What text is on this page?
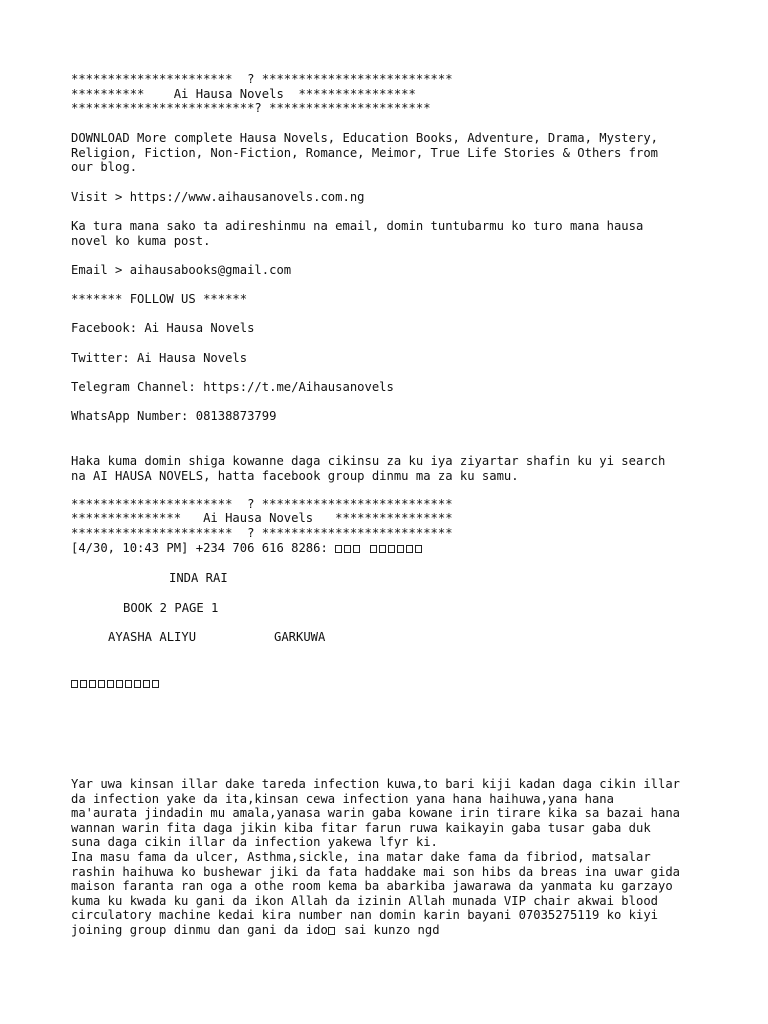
**********************  ? **************************

**********    Ai Hausa Novels  ****************

*************************? **********************

DOWNLOAD More complete Hausa Novels, Education Books, Adventure, Drama, Mystery,

Religion, Fiction, Non-Fiction, Romance, Meimor, True Life Stories & Others from

our blog.

Visit > https://www.aihausanovels.com.ng

Ka tura mana sako ta adireshinmu na email, domin tuntubarmu ko turo mana hausa

novel ko kuma post.

Email > aihausabooks@gmail.com

******* FOLLOW US ******

Facebook: Ai Hausa Novels

Twitter: Ai Hausa Novels

Telegram Channel: https://t.me/Aihausanovels

WhatsApp Number: 08138873799

Haka kuma domin shiga kowanne daga cikinsu za ku iya ziyartar shafin ku yi search

na AI HAUSA NOVELS, hatta facebook group dinmu ma za ku samu.

**********************  ? **************************

***************   Ai Hausa Novels   ****************

**********************  ? **************************

[4/30, 10:43 PM] +234 706 616 8286:

INDA RAI

BOOK 2 PAGE 1

AYASHA ALIYU	GARKUWA

Yar uwa kinsan illar dake tareda infection kuwa,to bari kiji kadan daga cikin illar

da infection yake da ita,kinsan cewa infection yana hana haihuwa,yana hana

ma'aurata jindadin mu amala,yanasa warin gaba kowane irin tirare kika sa bazai hana

wannan warin fita daga jikin kiba fitar farun ruwa kaikayin gaba tusar gaba duk

suna daga cikin illar da infection yakewa lfyr ki.

Ina masu fama da ulcer, Asthma,sickle, ina matar dake fama da fibriod, matsalar

rashin haihuwa ko bushewar jiki da fata haddake mai son hibs da breas ina uwar gida

maison faranta ran oga a othe room kema ba abarkiba jawarawa da yanmata ku garzayo

kuma ku kwada ku gani da ikon Allah da izinin Allah munada VIP chair akwai blood

circulatory machine kedai kira number nan domin karin bayani 07035275119 ko kiyi

joining group dinmu dan gani da ido sai kunzo ngd
